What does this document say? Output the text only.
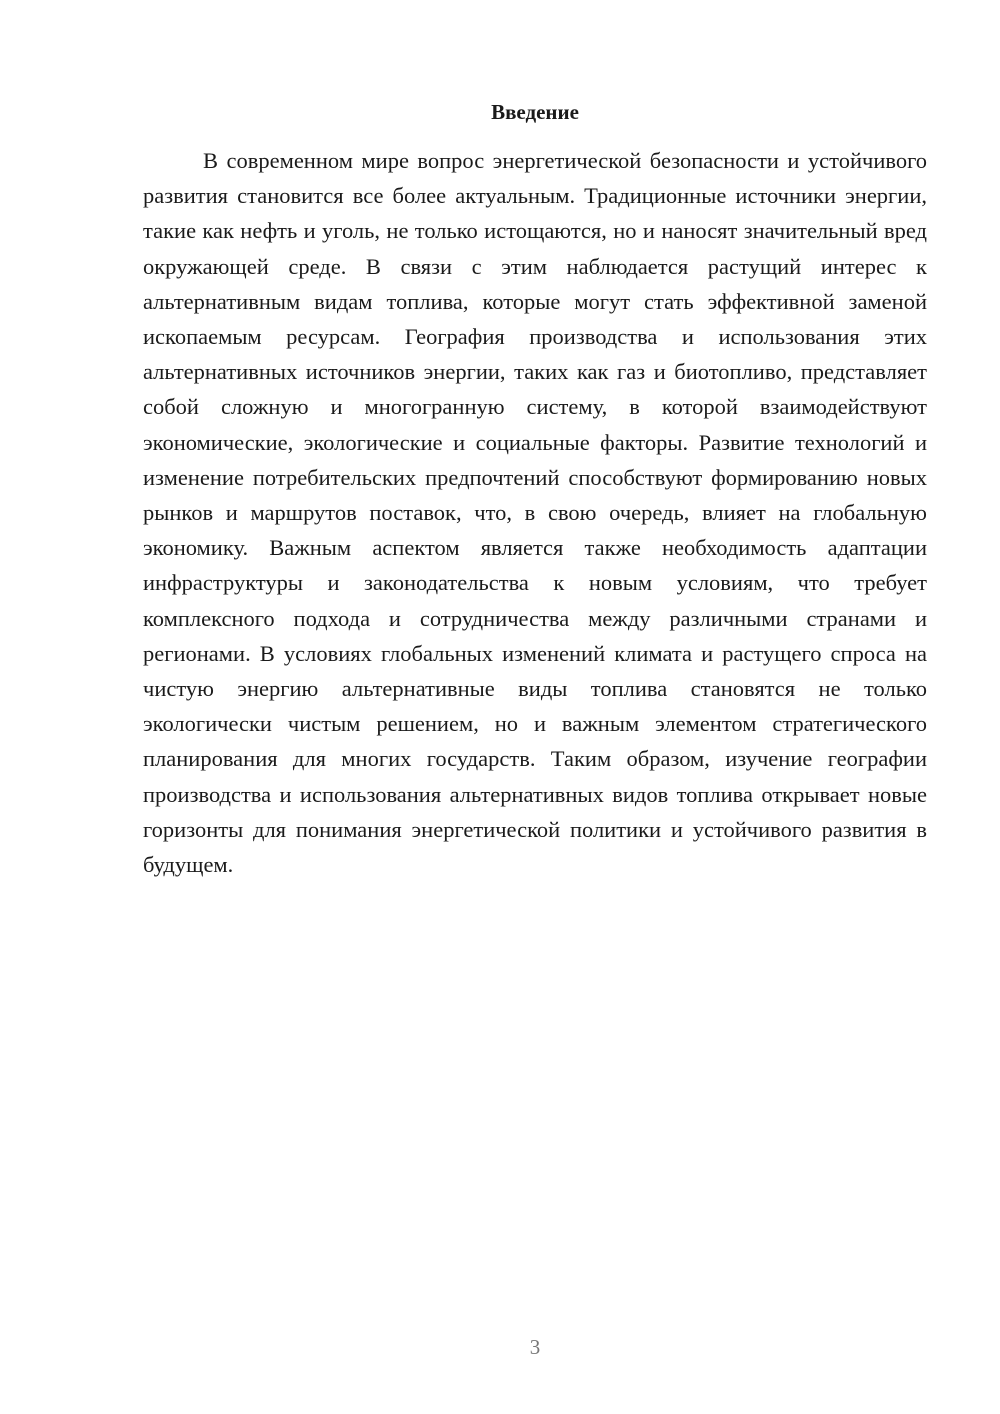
Введение

В современном мире вопрос энергетической безопасности и устойчивого развития становится все более актуальным. Традиционные источники энергии, такие как нефть и уголь, не только истощаются, но и наносят значительный вред окружающей среде. В связи с этим наблюдается растущий интерес к альтернативным видам топлива, которые могут стать эффективной заменой ископаемым ресурсам. География производства и использования этих альтернативных источников энергии, таких как газ и биотопливо, представляет собой сложную и многогранную систему, в которой взаимодействуют экономические, экологические и социальные факторы. Развитие технологий и изменение потребительских предпочтений способствуют формированию новых рынков и маршрутов поставок, что, в свою очередь, влияет на глобальную экономику. Важным аспектом является также необходимость адаптации инфраструктуры и законодательства к новым условиям, что требует комплексного подхода и сотрудничества между различными странами и регионами. В условиях глобальных изменений климата и растущего спроса на чистую энергию альтернативные виды топлива становятся не только экологически чистым решением, но и важным элементом стратегического планирования для многих государств. Таким образом, изучение географии производства и использования альтернативных видов топлива открывает новые горизонты для понимания энергетической политики и устойчивого развития в будущем.

3
